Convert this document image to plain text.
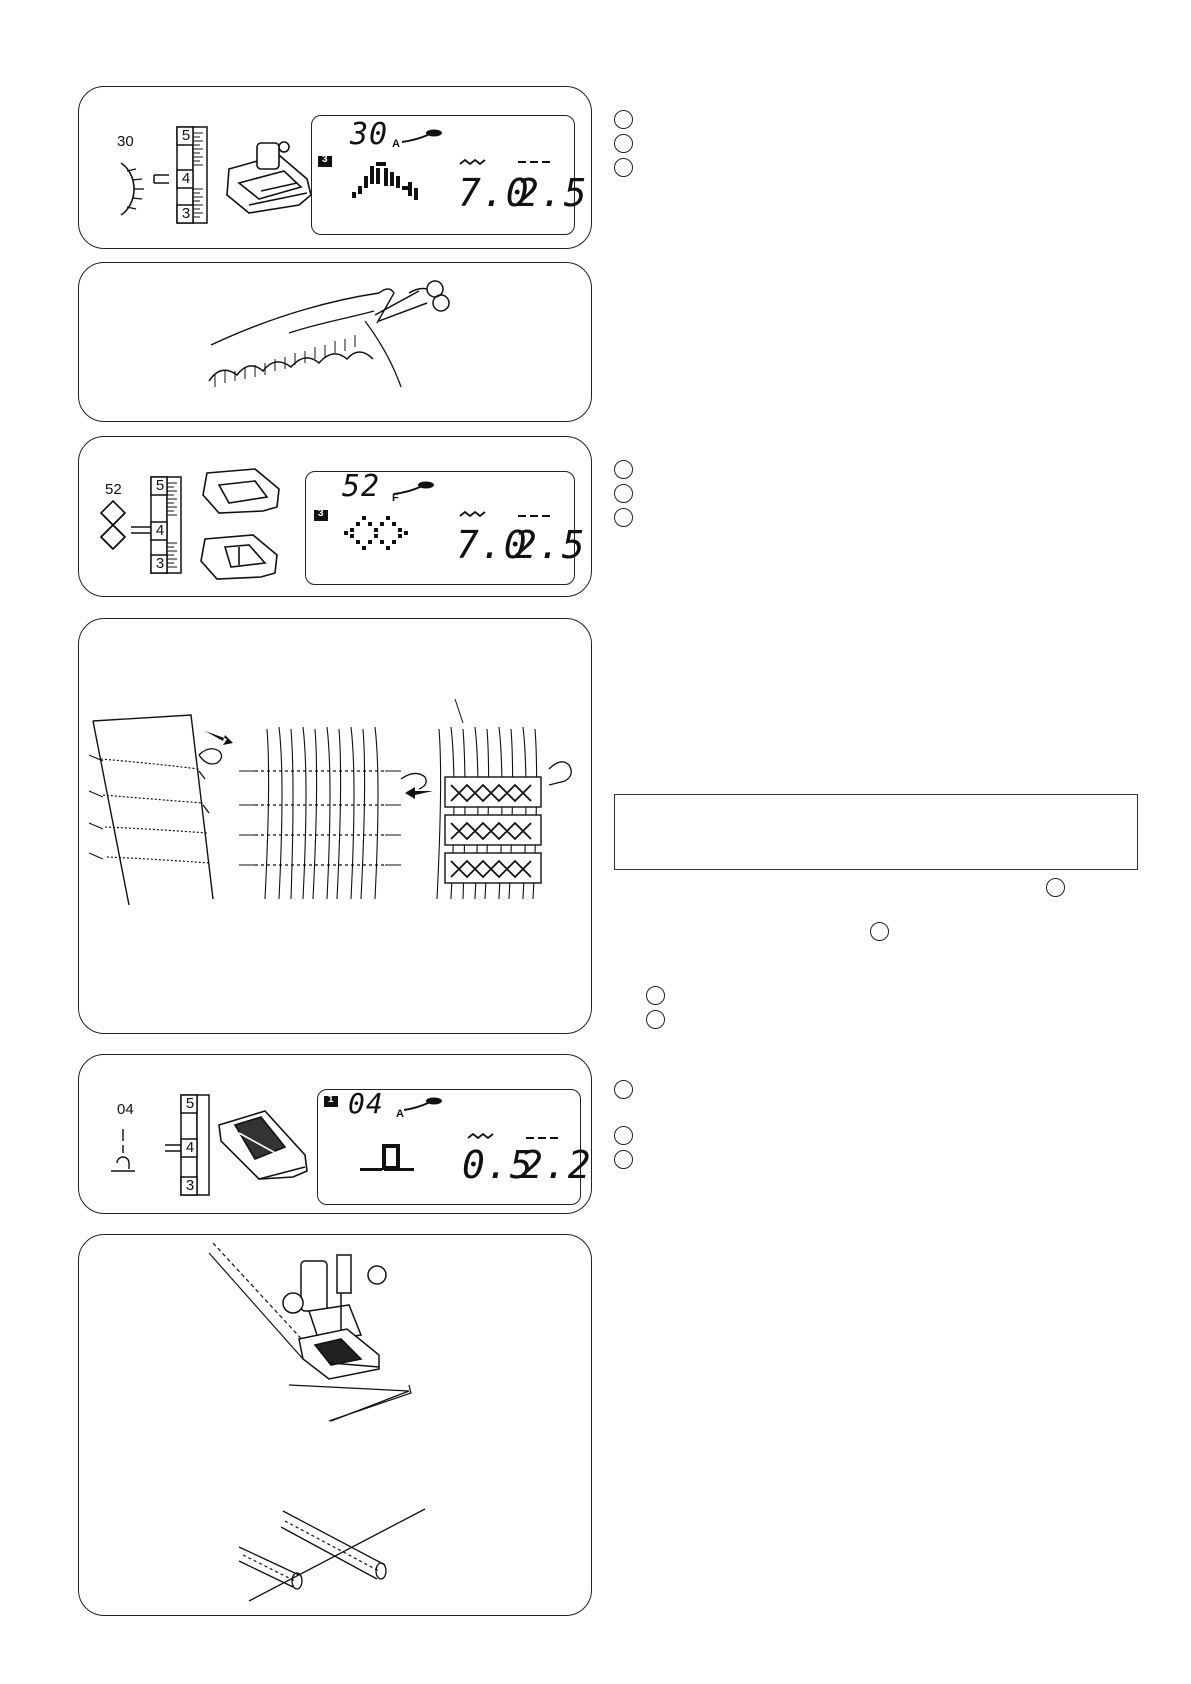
30	30 A
7.0
2.5
3
5
4
3
52	52 F
7.0
2.5
3
5
4
3
04	04 A
0.5
2.2
1
5
4
3
